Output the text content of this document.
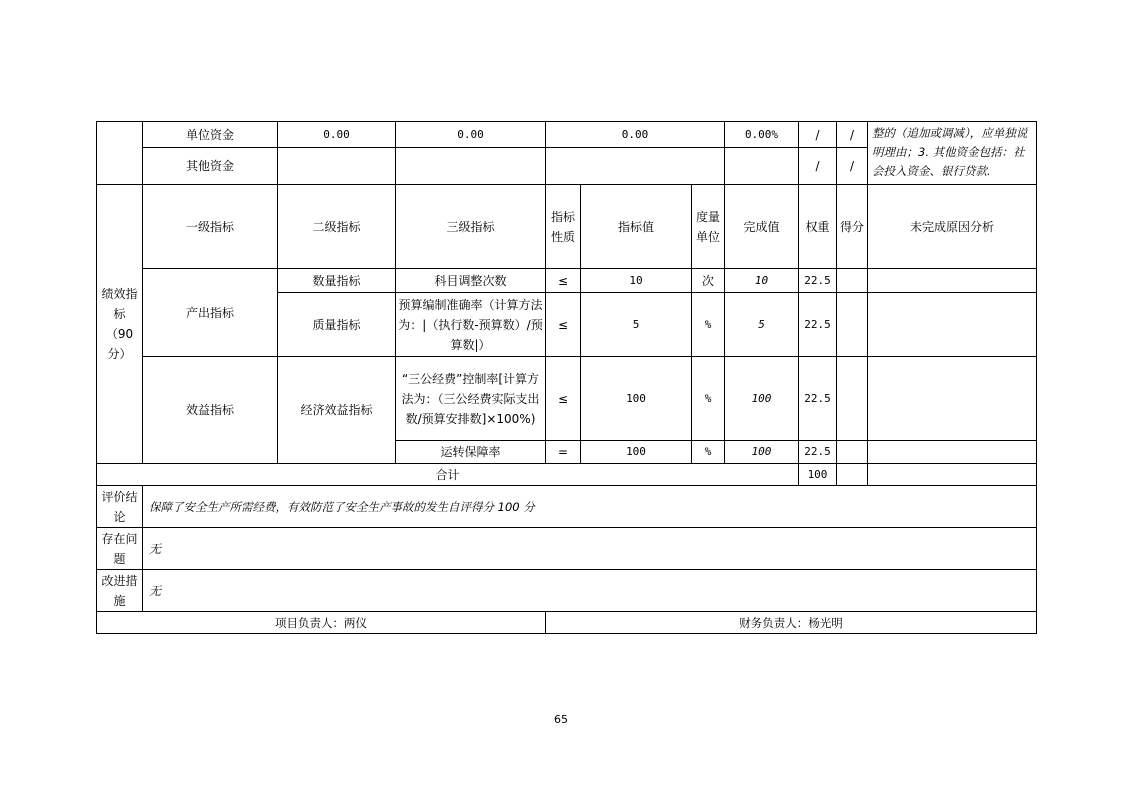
	单位资金	0.00	0.00	0.00			0.00%	/	/	整的（追加或调减），应单独说明理由；3. 其他资金包括：社会投入资金、银行贷款.
	其他资金							/	/	
绩效指标（90分）	一级指标	二级指标	三级指标	指标性质	指标值	度量单位	完成值	权重	得分	未完成原因分析
	产出指标	数量指标	科目调整次数	≤	10	次	10	22.5		
		质量指标	预算编制准确率（计算方法为：|（执行数-预算数）/预算数|）	≤	5	%	5	22.5		
	效益指标	经济效益指标	“三公经费”控制率[计算方法为：（三公经费实际支出数/预算安排数]×100%)	≤	100	%	100	22.5		
			运转保障率	=	100	%	100	22.5		
合计								100		
评价结论	保障了安全生产所需经费，有效防范了安全生产事故的发生自评得分 100 分									
存在问题	无									
改进措施	无									
项目负责人：两仪				财务负责人：杨光明						
65
